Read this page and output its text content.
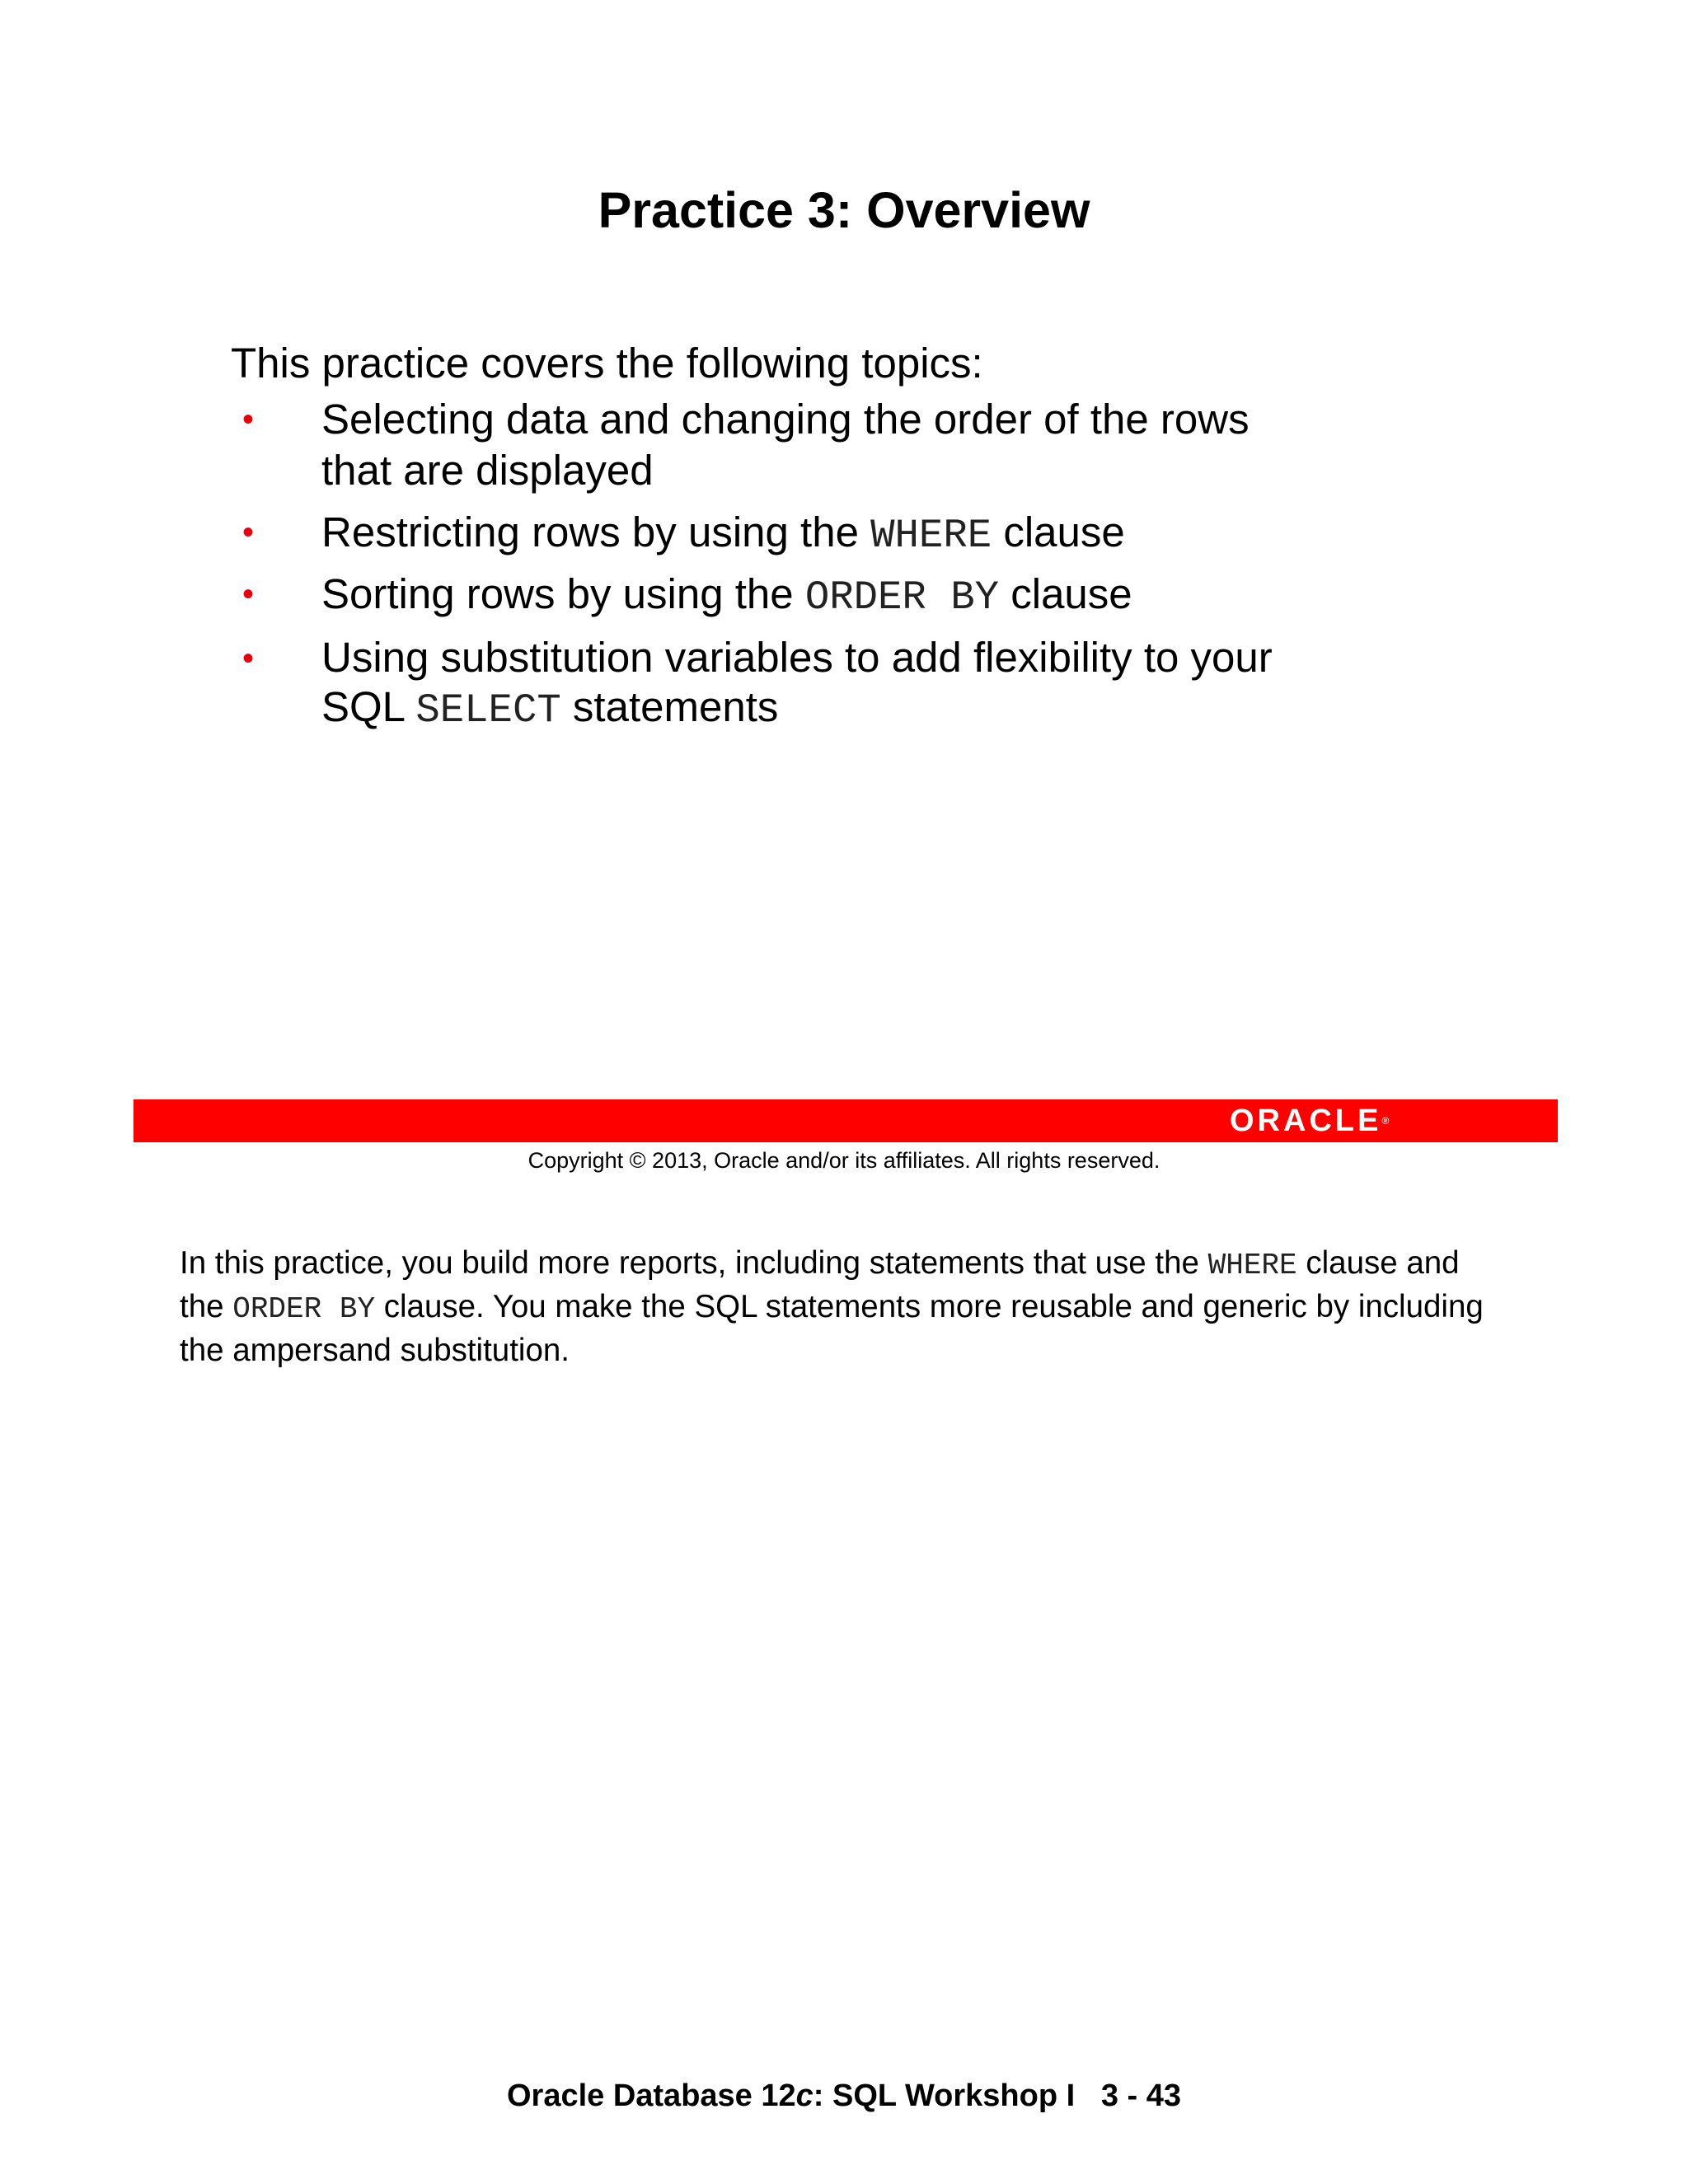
Practice 3: Overview
This practice covers the following topics:
• Selecting data and changing the order of the rows
that are displayed
• Restricting rows by using the WHERE clause
• Sorting rows by using the ORDER BY clause
• Using substitution variables to add flexibility to your
SQL SELECT statements
ORACLE®
Copyright © 2013, Oracle and/or its affiliates. All rights reserved.
In this practice, you build more reports, including statements that use the WHERE clause and
the ORDER BY clause. You make the SQL statements more reusable and generic by including
the ampersand substitution.
Oracle Database 12c: SQL Workshop I   3 - 43
